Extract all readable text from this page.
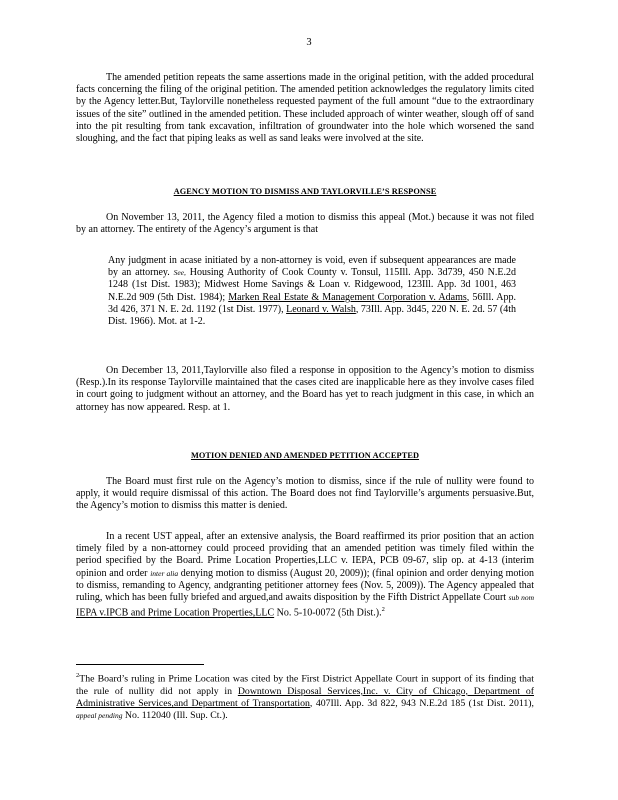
3

The amended petition repeats the same assertions made in the original petition, with the added procedural facts concerning the filing of the original petition. The amended petition acknowledges the regulatory limits cited by the Agency letter.But, Taylorville nonetheless requested payment of the full amount “due to the extraordinary issues of the site” outlined in the amended petition. These included approach of winter weather, slough off of sand into the pit resulting from tank excavation, infiltration of groundwater into the hole which worsened the sand sloughing, and the fact that piping leaks as well as sand leaks were involved at the site.

AGENCY MOTION TO DISMISS AND TAYLORVILLE’S RESPONSE

On November 13, 2011, the Agency filed a motion to dismiss this appeal (Mot.) because it was not filed by an attorney. The entirety of the Agency’s argument is that

Any judgment in acase initiated by a non-attorney is void, even if subsequent appearances are made by an attorney. See, Housing Authority of Cook County v. Tonsul, 115Ill. App. 3d739, 450 N.E.2d 1248 (1st Dist. 1983); Midwest Home Savings & Loan v. Ridgewood, 123Ill. App. 3d 1001, 463 N.E.2d 909 (5th Dist. 1984); Marken Real Estate & Management Corporation v. Adams, 56Ill. App. 3d 426, 371 N. E. 2d. 1192 (1st Dist. 1977), Leonard v. Walsh, 73Ill. App. 3d45, 220 N. E. 2d. 57 (4th Dist. 1966). Mot. at 1-2.

On December 13, 2011,Taylorville also filed a response in opposition to the Agency’s motion to dismiss (Resp.).In its response Taylorville maintained that the cases cited are inapplicable here as they involve cases filed in court going to judgment without an attorney, and the Board has yet to reach judgment in this case, in which an attorney has now appeared. Resp. at 1.

MOTION DENIED AND AMENDED PETITION ACCEPTED

The Board must first rule on the Agency’s motion to dismiss, since if the rule of nullity were found to apply, it would require dismissal of this action. The Board does not find Taylorville’s arguments persuasive.But, the Agency’s motion to dismiss this matter is denied.

In a recent UST appeal, after an extensive analysis, the Board reaffirmed its prior position that an action timely filed by a non-attorney could proceed providing that an amended petition was timely filed within the period specified by the Board. Prime Location Properties,LLC v. IEPA, PCB 09-67, slip op. at 4-13 (interim opinion and order inter alia denying motion to dismiss (August 20, 2009)); (final opinion and order denying motion to dismiss, remanding to Agency, andgranting petitioner attorney fees (Nov. 5, 2009)). The Agency appealed that ruling, which has been fully briefed and argued,and awaits disposition by the Fifth District Appellate Court sub nom IEPA v.IPCB and Prime Location Properties,LLC No. 5-10-0072 (5th Dist.).$^2$

$^2$The Board’s ruling in Prime Location was cited by the First District Appellate Court in support of its finding that the rule of nullity did not apply in Downtown Disposal Services,Inc. v. City of Chicago, Department of Administrative Services,and Department of Transportation, 407Ill. App. 3d 822, 943 N.E.2d 185 (1st Dist. 2011), appeal pending No. 112040 (Ill. Sup. Ct.).
